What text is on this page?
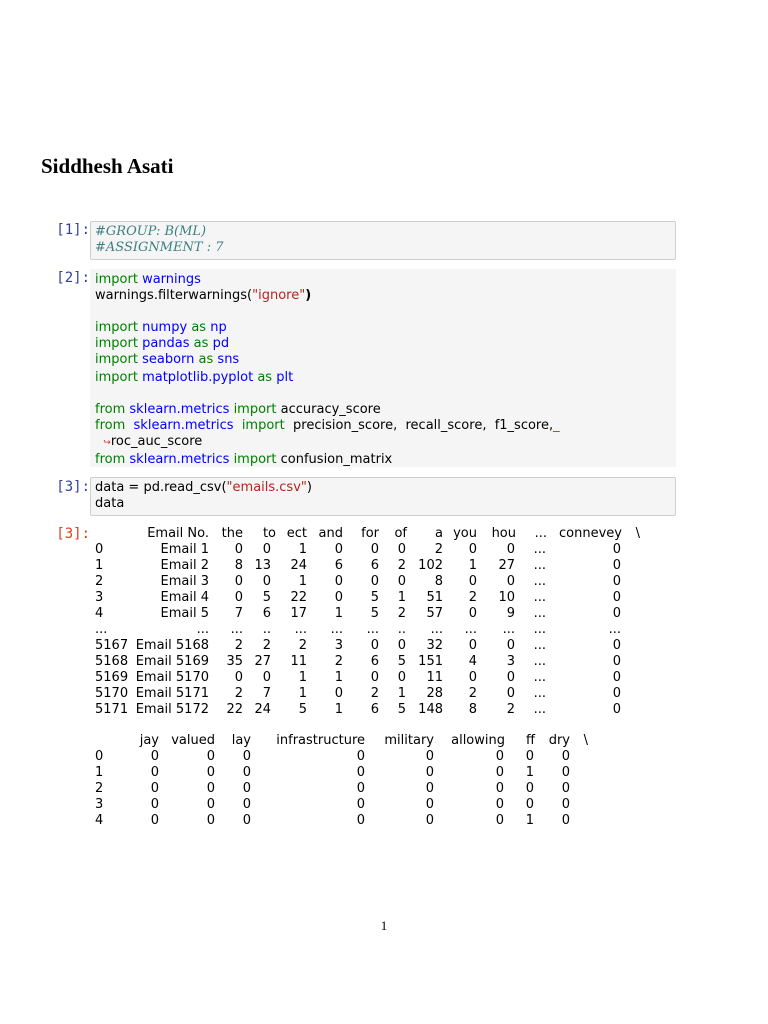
Siddhesh Asati
[1]: #GROUP: B(ML)
#ASSIGNMENT : 7
[2]: import warnings
warnings.filterwarnings("ignore")
import numpy as np
import pandas as pd
import seaborn as sns
import matplotlib.pyplot as plt
from sklearn.metrics import accuracy_score
from sklearn.metrics import precision_score,  recall_score,  f1_score,​_
↪roc_auc_score
from sklearn.metrics import confusion_matrix
[3]: data = pd.read_csv("emails.csv")
data
[3]:	Email No. the to ect and for of a you hou ... connevey \
0	Email 1 0 0 1 0 0 0 2 0 0 ...	0
1	Email 2 8 13 24 6 6 2 102 1 27 ...	0
2	Email 3 0 0 1 0 0 0 8 0 0 ...	0
3	Email 4 0 5 22 0 5 1 51 2 10 ...	0
4	Email 5 7 6 17 1 5 2 57 0 9 ...	0
...	... ... .. ... ... ... .. ... ... ... ...	...
5167 Email 5168 2 2 2 3 0 0 32 0 0 ...	0
5168 Email 5169 35 27 11 2 6 5 151 4 3 ...	0
5169 Email 5170 0 0 1 1 0 0 11 0 0 ...	0
5170 Email 5171 2 7 1 0 2 1 28 2 0 ...	0
5171 Email 5172 22 24 5 1 6 5 148 8 2 ...	0
jay valued lay infrastructure military allowing ff dry \
0	0	0 0	0	0	0 0 0
1	0	0 0	0	0	0 1 0
2	0	0 0	0	0	0 0 0
3	0	0 0	0	0	0 0 0
4	0	0 0	0	0	0 1 0
1
